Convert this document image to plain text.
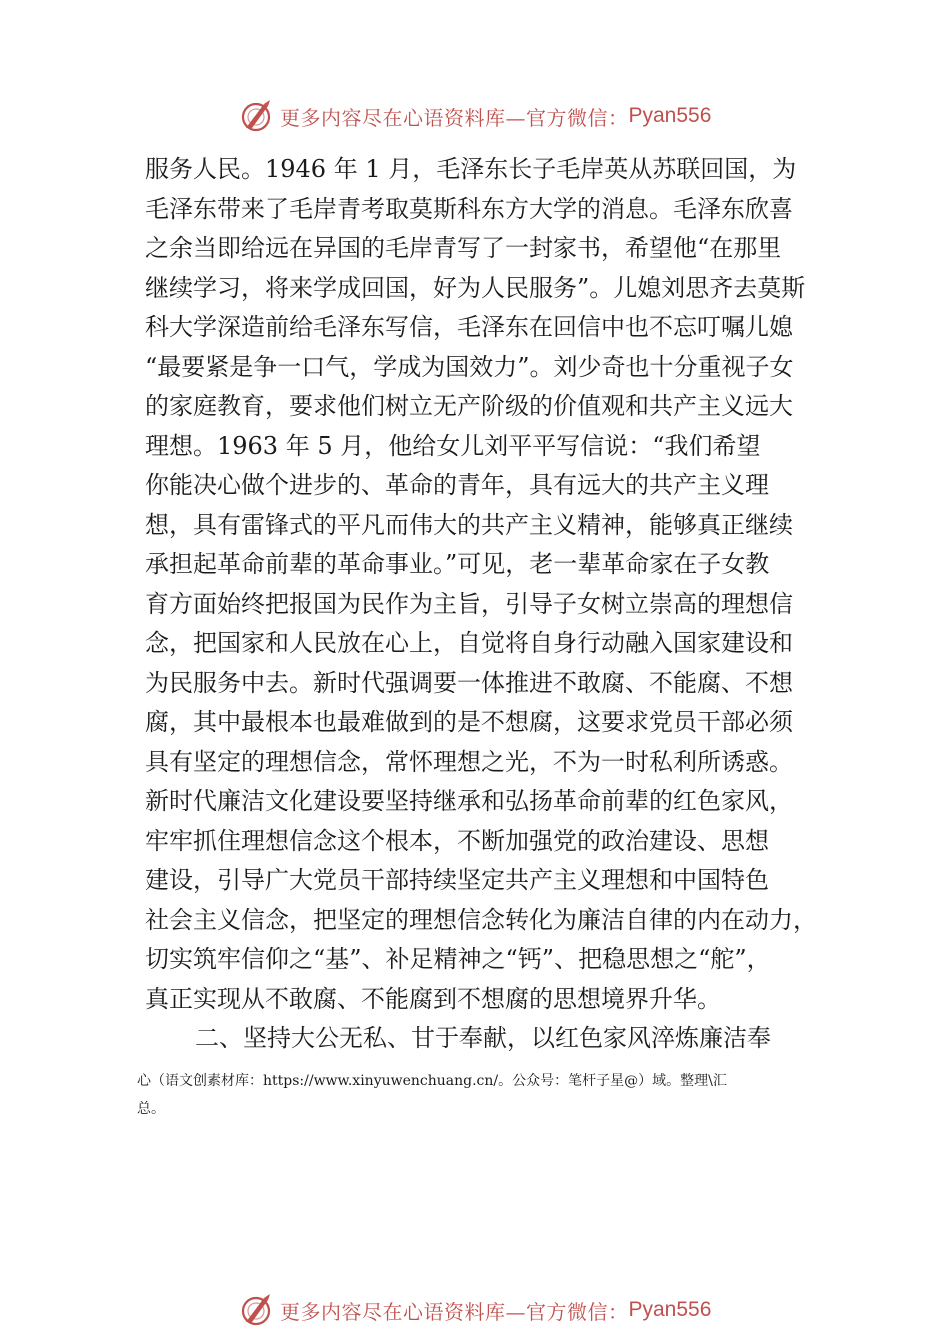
更多内容尽在心语资料库—官方微信： Pyan556
服务人民。1946 年 1 月，毛泽东长子毛岸英从苏联回国，为
毛泽东带来了毛岸青考取莫斯科东方大学的消息。毛泽东欣喜
之余当即给远在异国的毛岸青写了一封家书，希望他“在那里
继续学习，将来学成回国，好为人民服务”。儿媳刘思齐去莫斯
科大学深造前给毛泽东写信，毛泽东在回信中也不忘叮嘱儿媳
“最要紧是争一口气，学成为国效力”。刘少奇也十分重视子女
的家庭教育，要求他们树立无产阶级的价值观和共产主义远大
理想。1963 年 5 月，他给女儿刘平平写信说：“我们希望
你能决心做个进步的、革命的青年，具有远大的共产主义理
想，具有雷锋式的平凡而伟大的共产主义精神，能够真正继续
承担起革命前辈的革命事业。”可见，老一辈革命家在子女教
育方面始终把报国为民作为主旨，引导子女树立崇高的理想信
念，把国家和人民放在心上，自觉将自身行动融入国家建设和
为民服务中去。新时代强调要一体推进不敢腐、不能腐、不想
腐，其中最根本也最难做到的是不想腐，这要求党员干部必须
具有坚定的理想信念，常怀理想之光，不为一时私利所诱惑。
新时代廉洁文化建设要坚持继承和弘扬革命前辈的红色家风，
牢牢抓住理想信念这个根本，不断加强党的政治建设、思想
建设，引导广大党员干部持续坚定共产主义理想和中国特色
社会主义信念，把坚定的理想信念转化为廉洁自律的内在动力，
切实筑牢信仰之“基”、补足精神之“钙”、把稳思想之“舵”，
真正实现从不敢腐、不能腐到不想腐的思想境界升华。
二、坚持大公无私、甘于奉献，以红色家风淬炼廉洁奉
心（语文创素材库：https://www.xinyuwenchuang.cn/。公众号：笔杆子星@）域。整理\汇
总。
更多内容尽在心语资料库—官方微信： Pyan556
